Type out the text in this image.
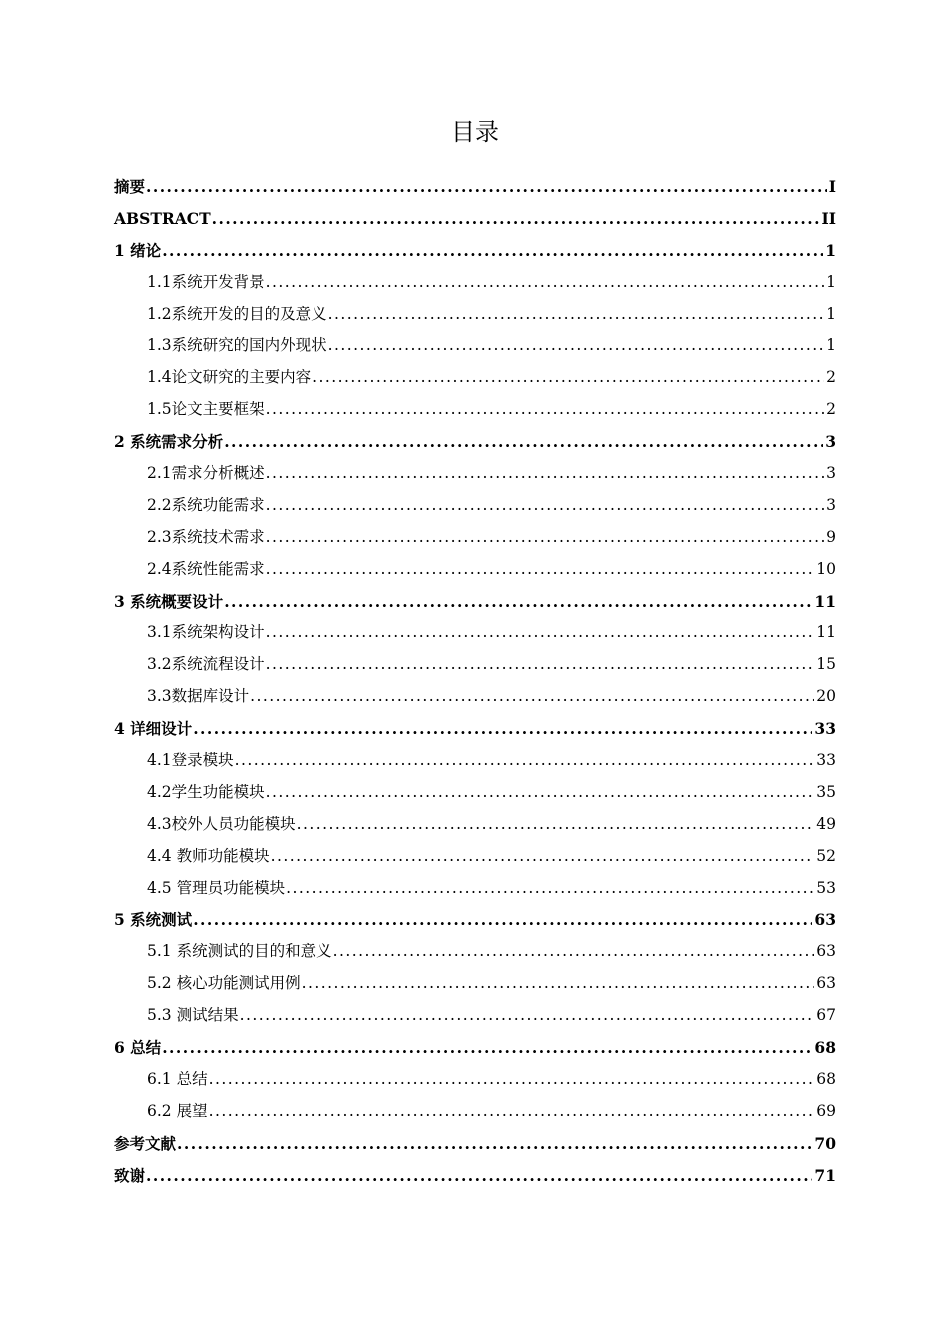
目录
摘要 .....	I
ABSTRACT .....	II
1 绪论 .....	1
1.1系统开发背景 .....	1
1.2系统开发的目的及意义 .....	1
1.3系统研究的国内外现状 .....	1
1.4论文研究的主要内容 .....	2
1.5论文主要框架 .....	2
2 系统需求分析 .....	3
2.1需求分析概述 .....	3
2.2系统功能需求 .....	3
2.3系统技术需求 .....	9
2.4系统性能需求 .....	10
3 系统概要设计 .....	11
3.1系统架构设计 .....	11
3.2系统流程设计 .....	15
3.3数据库设计 .....	20
4 详细设计 .....	33
4.1登录模块 .....	33
4.2学生功能模块 .....	35
4.3校外人员功能模块 .....	49
4.4 教师功能模块 .....	52
4.5 管理员功能模块 .....	53
5 系统测试 .....	63
5.1 系统测试的目的和意义 .....	63
5.2 核心功能测试用例 .....	63
5.3 测试结果 .....	67
6 总结 .....	68
6.1 总结 .....	68
6.2 展望 .....	69
参考文献 .....	70
致谢 .....	71
